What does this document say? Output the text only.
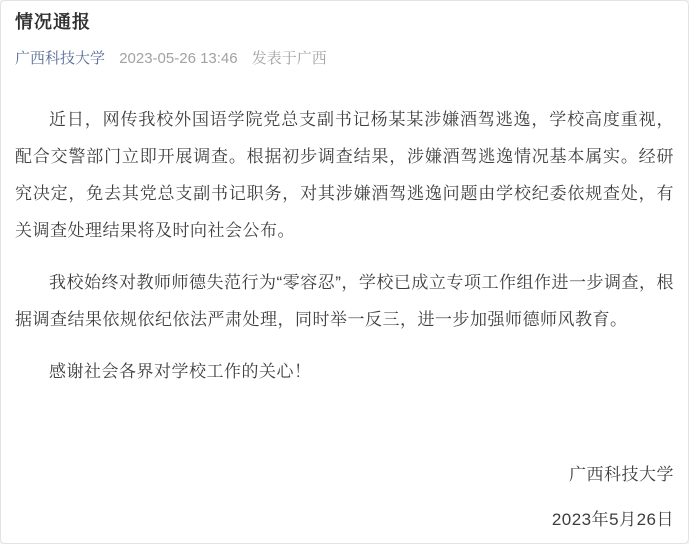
情况通报
广西科技大学 2023-05-26 13:46 发表于广西

近日，网传我校外国语学院党总支副书记杨某某涉嫌酒驾逃逸，学校高度重视，配合交警部门立即开展调查。根据初步调查结果，涉嫌酒驾逃逸情况基本属实。经研究决定，免去其党总支副书记职务，对其涉嫌酒驾逃逸问题由学校纪委依规查处，有关调查处理结果将及时向社会公布。

我校始终对教师师德失范行为“零容忍”，学校已成立专项工作组作进一步调查，根据调查结果依规依纪依法严肃处理，同时举一反三，进一步加强师德师风教育。

感谢社会各界对学校工作的关心！

广西科技大学

2023年5月26日
